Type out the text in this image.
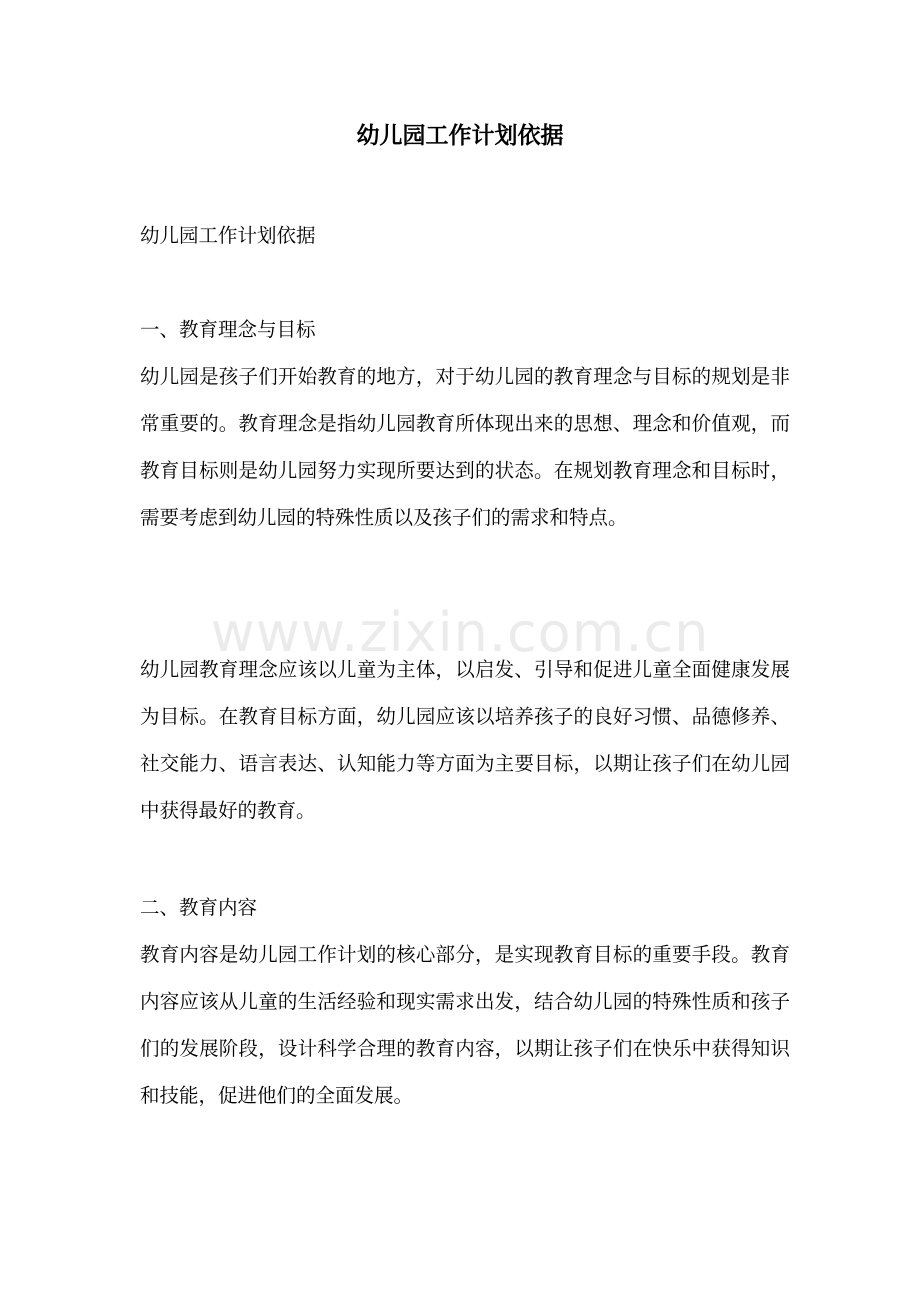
幼儿园工作计划依据

幼儿园工作计划依据

一、教育理念与目标

幼儿园是孩子们开始教育的地方，对于幼儿园的教育理念与目标的规划是非常重要的。教育理念是指幼儿园教育所体现出来的思想、理念和价值观，而教育目标则是幼儿园努力实现所要达到的状态。在规划教育理念和目标时，需要考虑到幼儿园的特殊性质以及孩子们的需求和特点。

幼儿园教育理念应该以儿童为主体，以启发、引导和促进儿童全面健康发展为目标。在教育目标方面，幼儿园应该以培养孩子的良好习惯、品德修养、社交能力、语言表达、认知能力等方面为主要目标，以期让孩子们在幼儿园中获得最好的教育。

二、教育内容

教育内容是幼儿园工作计划的核心部分，是实现教育目标的重要手段。教育内容应该从儿童的生活经验和现实需求出发，结合幼儿园的特殊性质和孩子们的发展阶段，设计科学合理的教育内容，以期让孩子们在快乐中获得知识和技能，促进他们的全面发展。

www.zixin.com.cn
